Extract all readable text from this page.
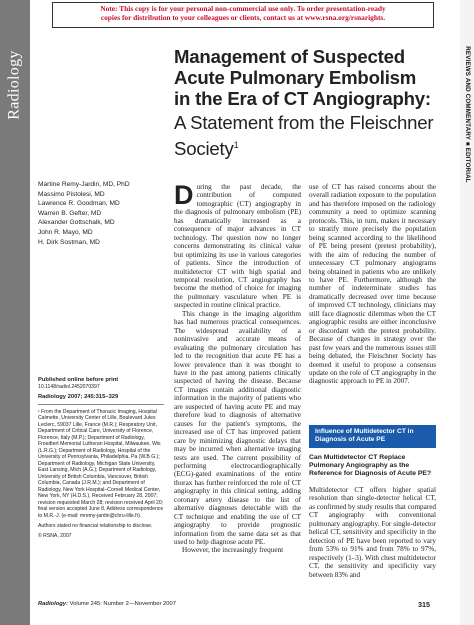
Note: This copy is for your personal non-commercial use only. To order presentation-ready
copies for distribution to your colleagues or clients, contact us at www.rsna.org/rsnarights.
Radiology	REVIEWS AND COMMENTARY ■ EDITORIAL
Management of Suspected
Acute Pulmonary Embolism
in the Era of CT Angiography:
A Statement from the Fleischner
Society$^1$
Martine Remy-Jardin, MD, PhD
Massimo Pistolesi, MD
Lawrence R. Goodman, MD
Warren B. Gefter, MD
Alexander Gottschalk, MD
John R. Mayo, MD
H. Dirk Sostman, MD
Published online before print

10.1148/radiol.2452070397

Radiology 2007; 245:315–329

¹ From the Department of Thoracic Imaging, Hospital Calmette, University Center of Lille, Boulevard Jules Leclerc, 59037 Lille, France (M.R.); Respiratory Unit, Department of Critical Care, University of Florence, Florence, Italy (M.P.); Department of Radiology, Froedtert Memorial Lutheran Hospital, Milwaukee, Wis (L.R.G.); Department of Radiology, Hospital of the University of Pennsylvania, Philadelphia, Pa (W.B.G.); Department of Radiology, Michigan State University, East Lansing, Mich (A.G.); Department of Radiology, University of British Columbia, Vancouver, British Columbia, Canada (J.R.M.); and Department of Radiology, New York Hospital–Cornell Medical Center, New York, NY (H.D.S.). Received February 28, 2007; revision requested March 28; revision received April 20; final version accepted June 8. Address correspondence to M.R.-J. (e-mail: mremy-jardin@chru-lille.fr).

Authors stated no financial relationship to disclose.

© RSNA, 2007

During the past decade, the contribution of computed tomographic (CT) angiography in the diagnosis of pulmonary embolism (PE) has dramatically increased as a consequence of major advances in CT technology. The question now no longer concerns demonstrating its clinical value but optimizing its use in various categories of patients. Since the introduction of multidetector CT with high spatial and temporal resolution, CT angiography has become the method of choice for imaging the pulmonary vasculature when PE is suspected in routine clinical practice.

This change in the imaging algorithm has had numerous practical consequences. The widespread availability of a noninvasive and accurate means of evaluating the pulmonary circulation has led to the recognition that acute PE has a lower prevalence than it was thought to have in the past among patients clinically suspected of having the disease. Because CT images contain additional diagnostic information in the majority of patients who are suspected of having acute PE and may therefore lead to diagnosis of alternative causes for the patient's symptoms, the increased use of CT has improved patient care by minimizing diagnostic delays that may be incurred when alternative imaging tests are used. The current possibility of performing electrocardiographically (ECG)-gated examinations of the entire thorax has further reinforced the role of CT angiography in this clinical setting, adding coronary artery disease to the list of alternative diagnoses detectable with the CT technique and enabling the use of CT angiography to provide prognostic information from the same data set as that used to help diagnose acute PE.

However, the increasingly frequent

use of CT has raised concerns about the overall radiation exposure to the population and has therefore imposed on the radiology community a need to optimize scanning protocols. This, in turn, makes it necessary to stratify more precisely the population being scanned according to the likelihood of PE being present (pretest probability), with the aim of reducing the number of unnecessary CT pulmonary angiograms being obtained in patients who are unlikely to have PE. Furthermore, although the number of indeterminate studies has dramatically decreased over time because of improved CT technology, clinicians may still face diagnostic dilemmas when the CT angiographic results are either inconclusive or discordant with the pretest probability. Because of changes in strategy over the past few years and the numerous issues still being debated, the Fleischner Society has deemed it useful to propose a consensus update on the role of CT angiography in the diagnostic approach to PE in 2007.

Influence of Multidetector CT in Diagnosis of Acute PE
Can Multidetector CT Replace Pulmonary Angiography as the Reference for Diagnosis of Acute PE?
Multidetector CT offers higher spatial resolution than single-detector helical CT, as confirmed by study results that compared CT angiography with conventional pulmonary angiography. For single-detector helical CT, sensitivity and specificity in the detection of PE have been reported to vary from 53% to 91% and from 78% to 97%, respectively (1–3). With chest multidetector CT, the sensitivity and specificity vary between 83% and
Radiology: Volume 245: Number 2—November 2007	315
